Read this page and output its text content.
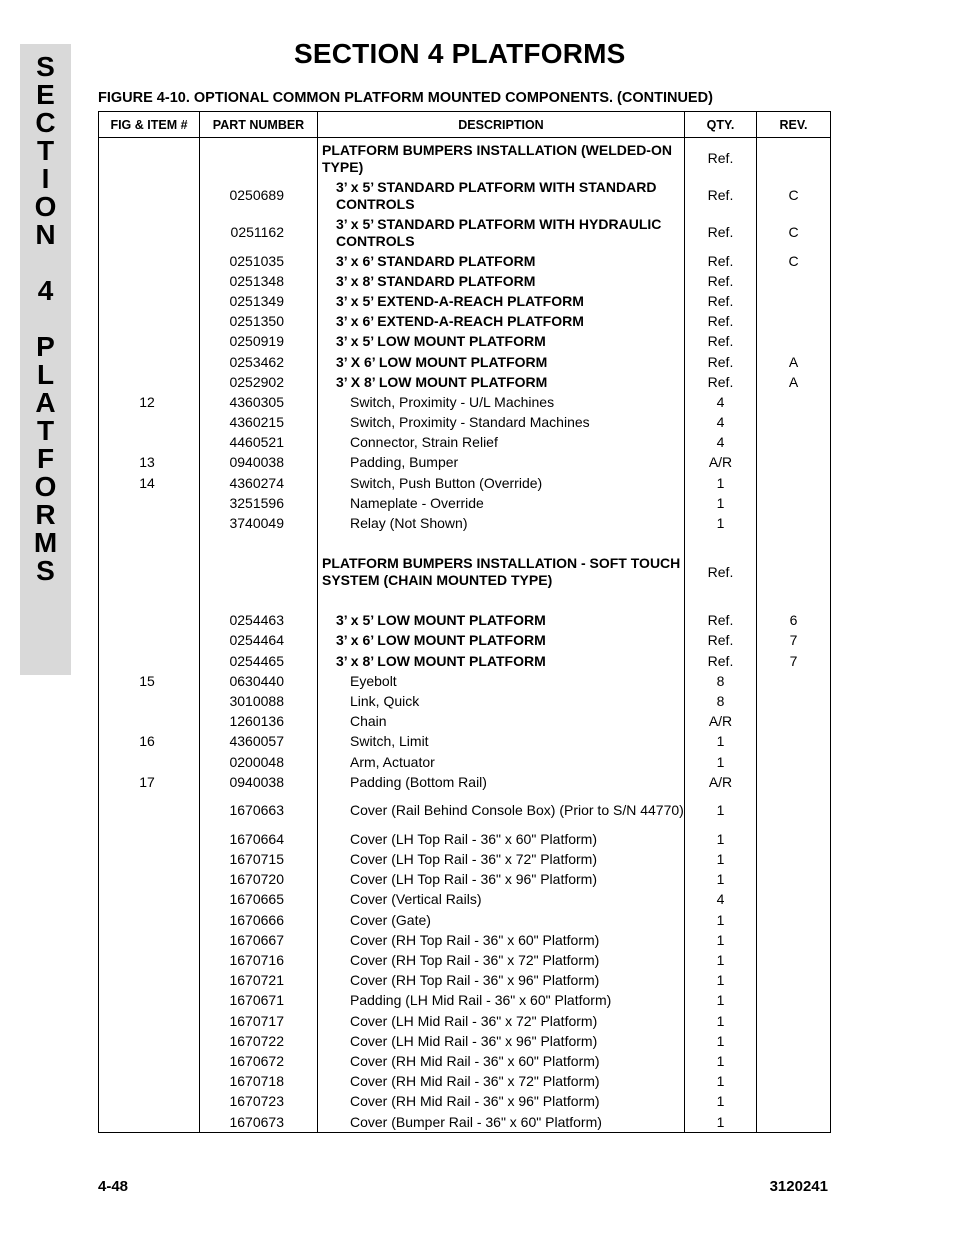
S
E
C
T
I
O
N
4
P
L
A
T
F
O
R
M
S
SECTION 4 PLATFORMS
FIGURE 4-10. OPTIONAL COMMON PLATFORM MOUNTED COMPONENTS. (CONTINUED)
FIG & ITEM #	PART NUMBER	DESCRIPTION	QTY.	REV.
		PLATFORM BUMPERS INSTALLATION (WELDED-ON TYPE)	Ref.	
	0250689	3’ x 5’ STANDARD PLATFORM WITH STANDARD CONTROLS	Ref.	C
	0251162	3’ x 5’ STANDARD PLATFORM WITH HYDRAULIC CONTROLS	Ref.	C
	0251035	3’ x 6’ STANDARD PLATFORM	Ref.	C
	0251348	3’ x 8’ STANDARD PLATFORM	Ref.	
	0251349	3’ x 5’ EXTEND-A-REACH PLATFORM	Ref.	
	0251350	3’ x 6’ EXTEND-A-REACH PLATFORM	Ref.	
	0250919	3’ x 5’ LOW MOUNT PLATFORM	Ref.	
	0253462	3’ X 6’ LOW MOUNT PLATFORM	Ref.	A
	0252902	3’ X 8’ LOW MOUNT PLATFORM	Ref.	A
12	4360305	Switch, Proximity - U/L Machines	4	
	4360215	Switch, Proximity - Standard Machines	4	
	4460521	Connector, Strain Relief	4	
13	0940038	Padding, Bumper	A/R	
14	4360274	Switch, Push Button (Override)	1	
	3251596	Nameplate - Override	1	
	3740049	Relay (Not Shown)	1	

		PLATFORM BUMPERS INSTALLATION - SOFT TOUCH SYSTEM (CHAIN MOUNTED TYPE)	Ref.	

	0254463	3’ x 5’ LOW MOUNT PLATFORM	Ref.	6
	0254464	3’ x 6’ LOW MOUNT PLATFORM	Ref.	7
	0254465	3’ x 8’ LOW MOUNT PLATFORM	Ref.	7
15	0630440	Eyebolt	8	
	3010088	Link, Quick	8	
	1260136	Chain	A/R	
16	4360057	Switch, Limit	1	
	0200048	Arm, Actuator	1	
17	0940038	Padding (Bottom Rail)	A/R	
	1670663	Cover (Rail Behind Console Box) (Prior to S/N 44770)	1	
	1670664	Cover (LH Top Rail - 36" x 60" Platform)	1	
	1670715	Cover (LH Top Rail - 36" x 72" Platform)	1	
	1670720	Cover (LH Top Rail - 36" x 96" Platform)	1	
	1670665	Cover (Vertical Rails)	4	
	1670666	Cover (Gate)	1	
	1670667	Cover (RH Top Rail - 36" x 60" Platform)	1	
	1670716	Cover (RH Top Rail - 36" x 72" Platform)	1	
	1670721	Cover (RH Top Rail - 36" x 96" Platform)	1	
	1670671	Padding (LH Mid Rail - 36" x 60" Platform)	1	
	1670717	Cover (LH Mid Rail - 36" x 72" Platform)	1	
	1670722	Cover (LH Mid Rail - 36" x 96" Platform)	1	
	1670672	Cover (RH Mid Rail - 36" x 60" Platform)	1	
	1670718	Cover (RH Mid Rail - 36" x 72" Platform)	1	
	1670723	Cover (RH Mid Rail - 36" x 96" Platform)	1	
	1670673	Cover (Bumper Rail - 36" x 60" Platform)	1	
4-48	3120241
